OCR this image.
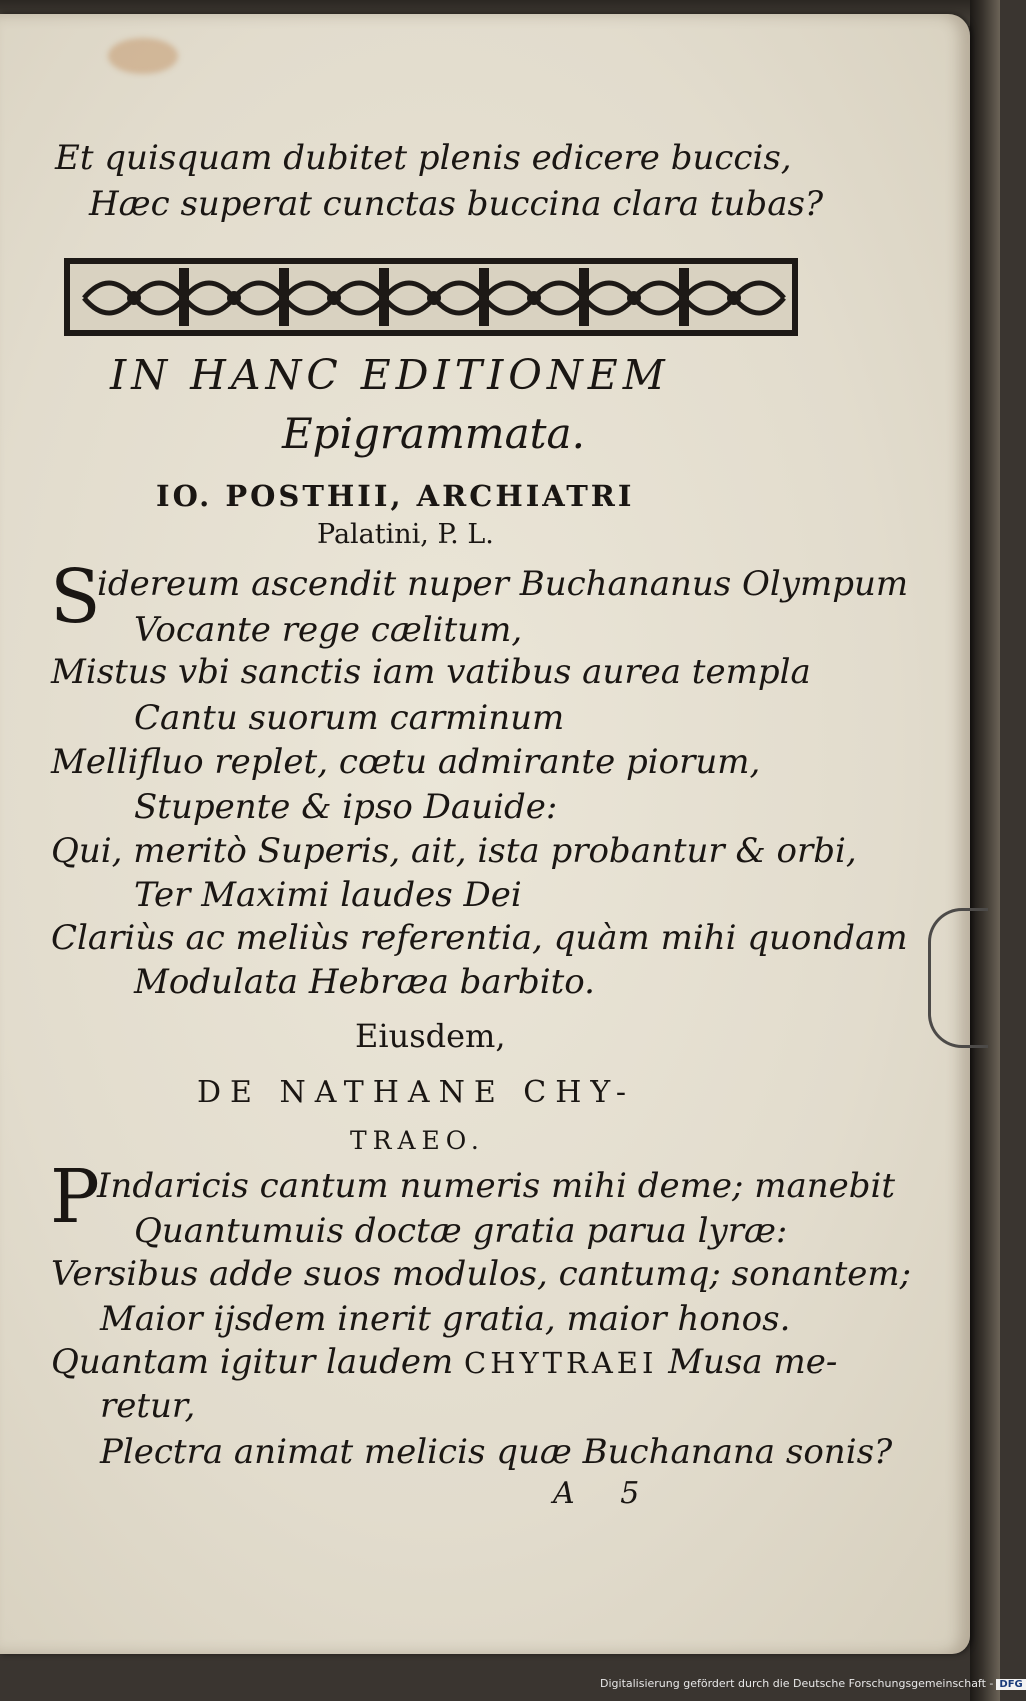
Et quisquam dubitet plenis edicere buccis,
Hæc superat cunctas buccina clara tubas?
IN HANC EDITIONEM
Epigrammata.
IO. POSTHII, ARCHIATRI
Palatini, P. L.
S
idereum ascendit nuper Buchananus Olympum
Vocante rege cælitum,
Mistus vbi sanctis iam vatibus aurea templa
Cantu suorum carminum
Mellifluo replet, cœtu admirante piorum,
Stupente & ipso Dauide:
Qui, meritò Superis, ait, ista probantur & orbi,
Ter Maximi laudes Dei
Clariùs ac meliùs referentia, quàm mihi quondam
Modulata Hebræa barbito.
Eiusdem,
DE NATHANE CHY-
TRAEO.
P
Indaricis cantum numeris mihi deme; manebit
Quantumuis doctæ gratia parua lyræ:
Versibus adde suos modulos, cantumq; sonantem;
Maior ijsdem inerit gratia, maior honos.
Quantam igitur laudem CHYTRAEI Musa me-
retur,
Plectra animat melicis quæ Buchanana sonis?
A 5
Digitalisierung gefördert durch die Deutsche Forschungsgemeinschaft - DFG
